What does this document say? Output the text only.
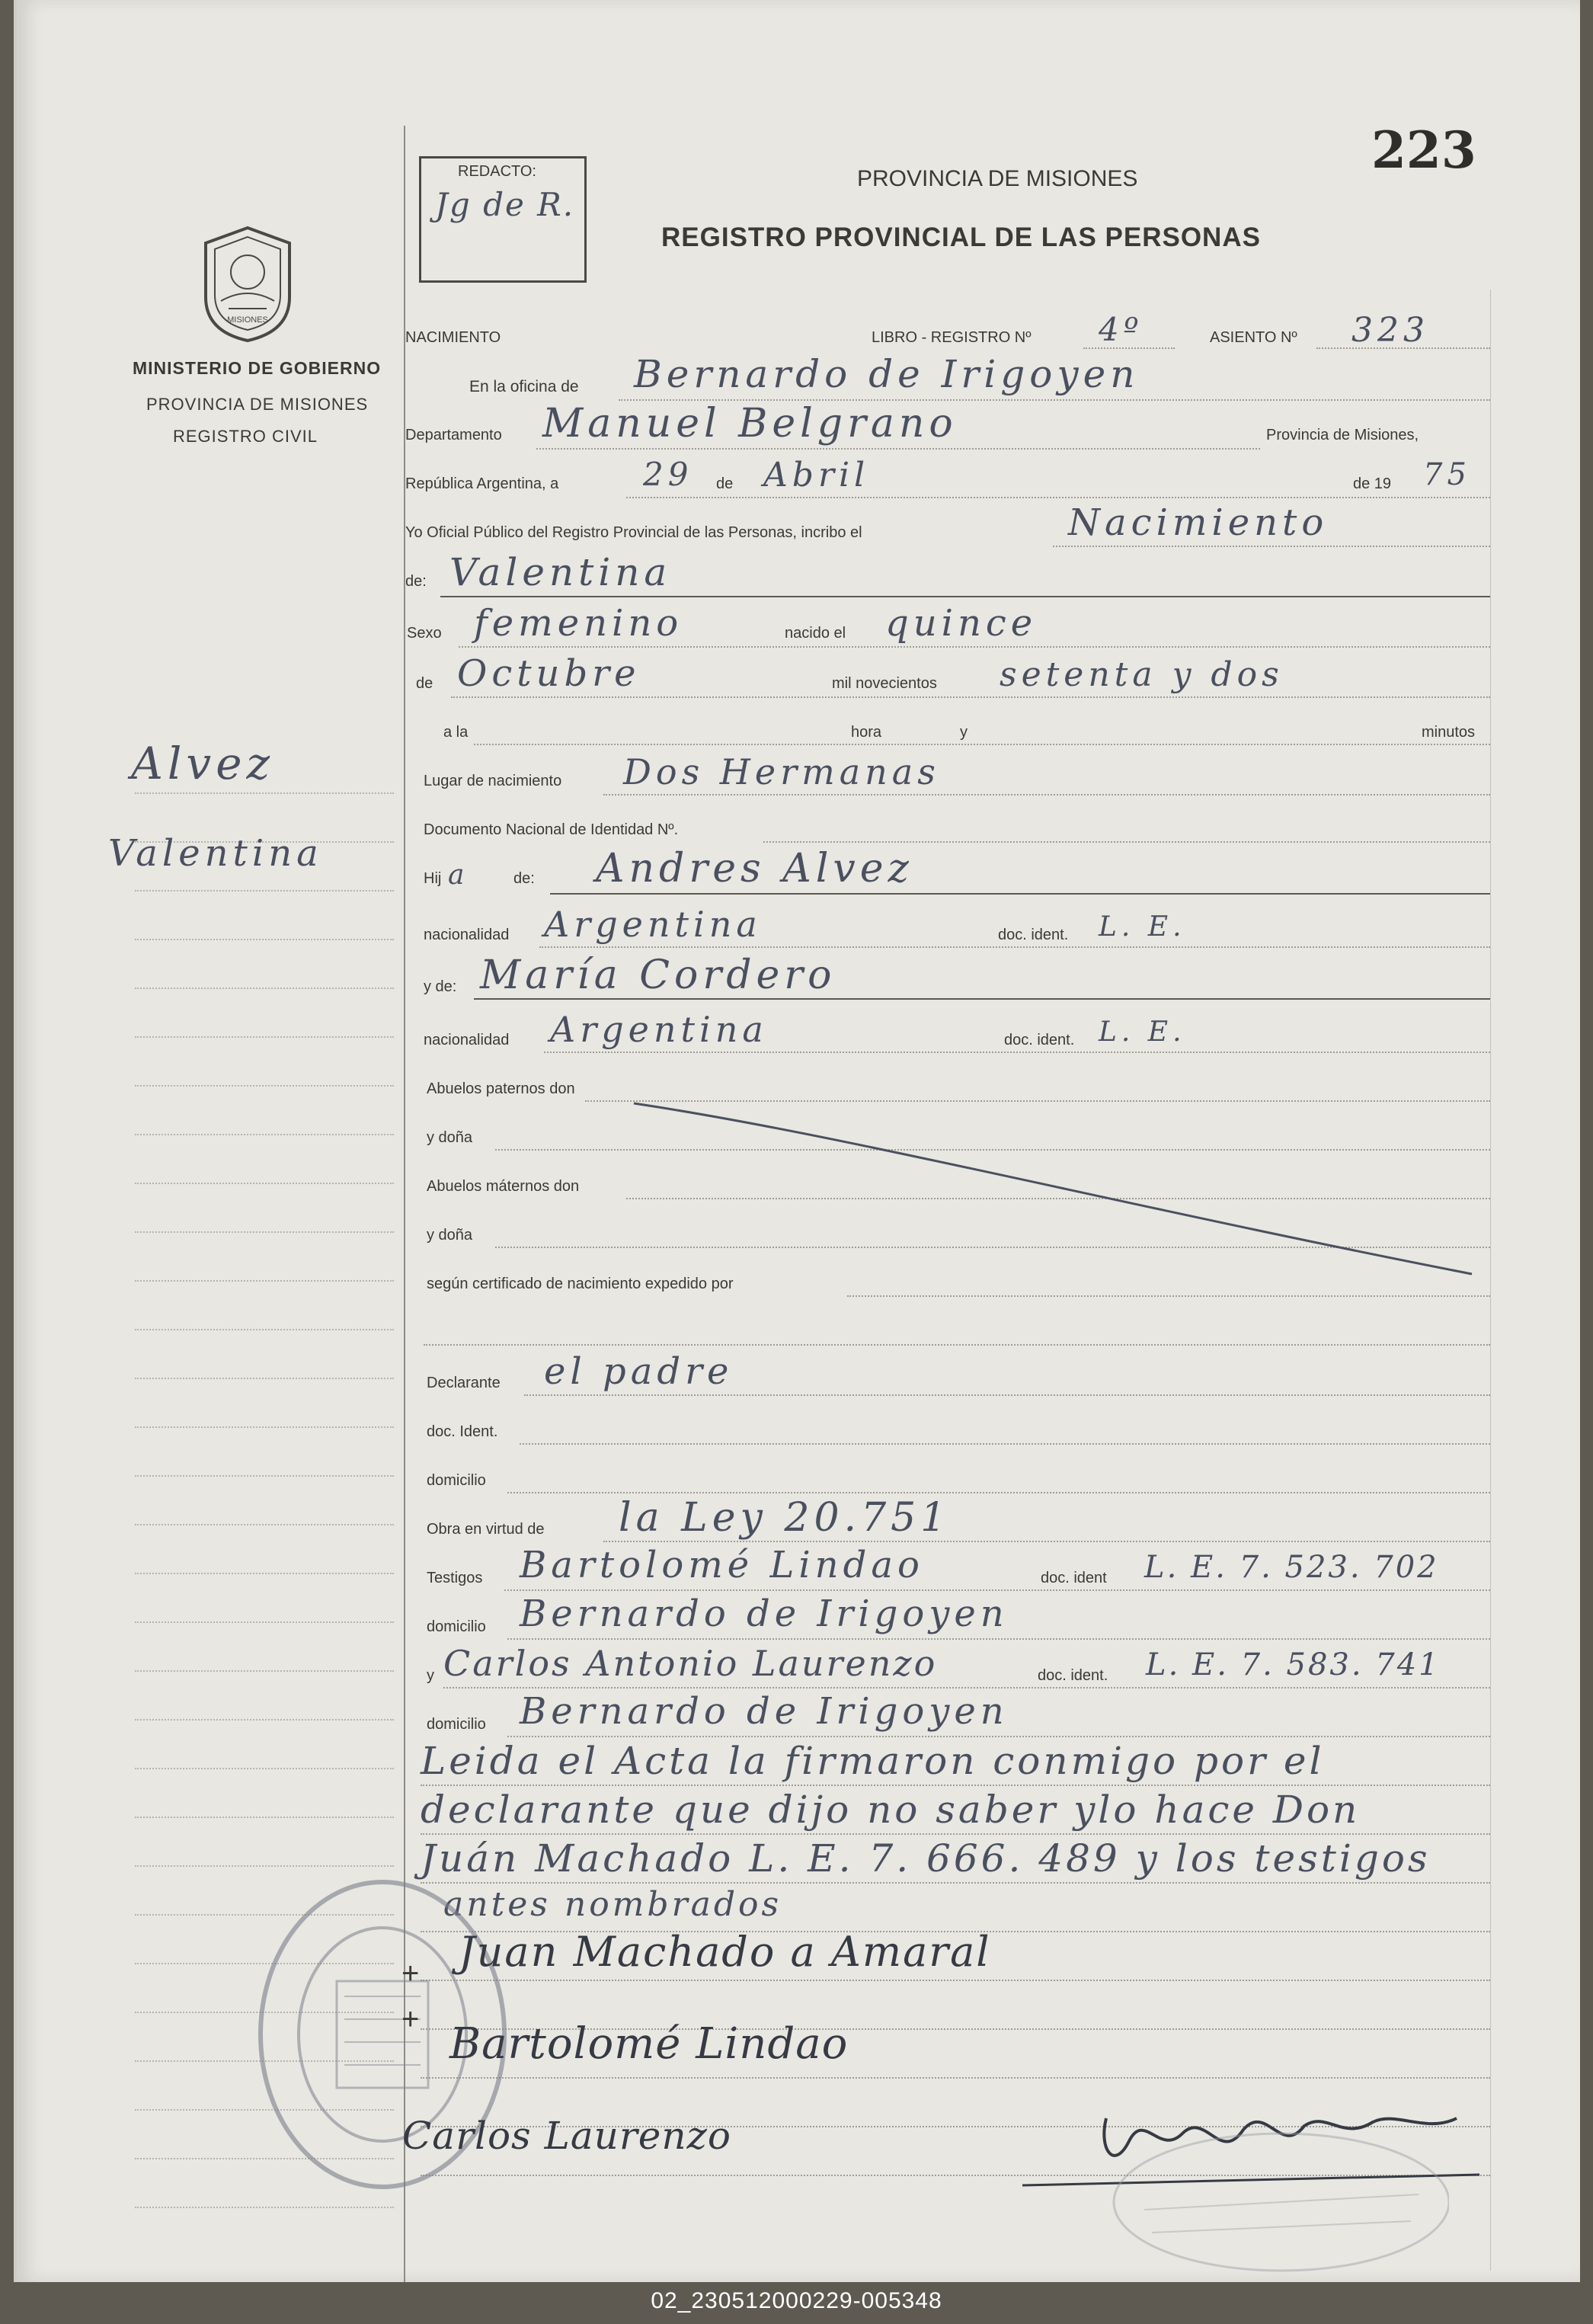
MISIONES
MINISTERIO DE GOBIERNO
PROVINCIA DE MISIONES
REGISTRO CIVIL
Alvez
Valentina
REDACTO:
Jg de R.
223
PROVINCIA DE MISIONES
REGISTRO PROVINCIAL DE LAS PERSONAS
NACIMIENTO	LIBRO - REGISTRO Nº 4º	ASIENTO Nº 323
En la oficina de Bernardo de Irigoyen
Departamento Manuel Belgrano	Provincia de Misiones,
República Argentina, a	29 de Abril	de 19 75
Yo Oficial Público del Registro Provincial de las Personas, incribo el	Nacimiento
de: Valentina
Sexo femenino	nacido el quince
de Octubre	mil novecientos setenta y dos
a la	hora	y	minutos
Lugar de nacimiento Dos Hermanas
Documento Nacional de Identidad Nº.
Hij a	de: Andres Alvez
nacionalidad Argentina	doc. ident. L. E.
y de: María Cordero
nacionalidad Argentina	doc. ident. L. E.
Abuelos paternos don
y doña
Abuelos máternos don
y doña
según certificado de nacimiento expedido por
Declarante el padre
doc. Ident.
domicilio
Obra en virtud de la Ley 20.751
Testigos Bartolomé Lindao	doc. ident L. E. 7. 523. 702
domicilio Bernardo de Irigoyen
y Carlos Antonio Laurenzo	doc. ident. L. E. 7. 583. 741
domicilio Bernardo de Irigoyen
Leida el Acta la firmaron conmigo por el
declarante que dijo no saber ylo hace Don
Juán Machado L. E. 7. 666. 489 y los testigos
antes nombrados
+ Juan Machado a Amaral
+ Bartolomé Lindao
Carlos Laurenzo
02_230512000229-005348
